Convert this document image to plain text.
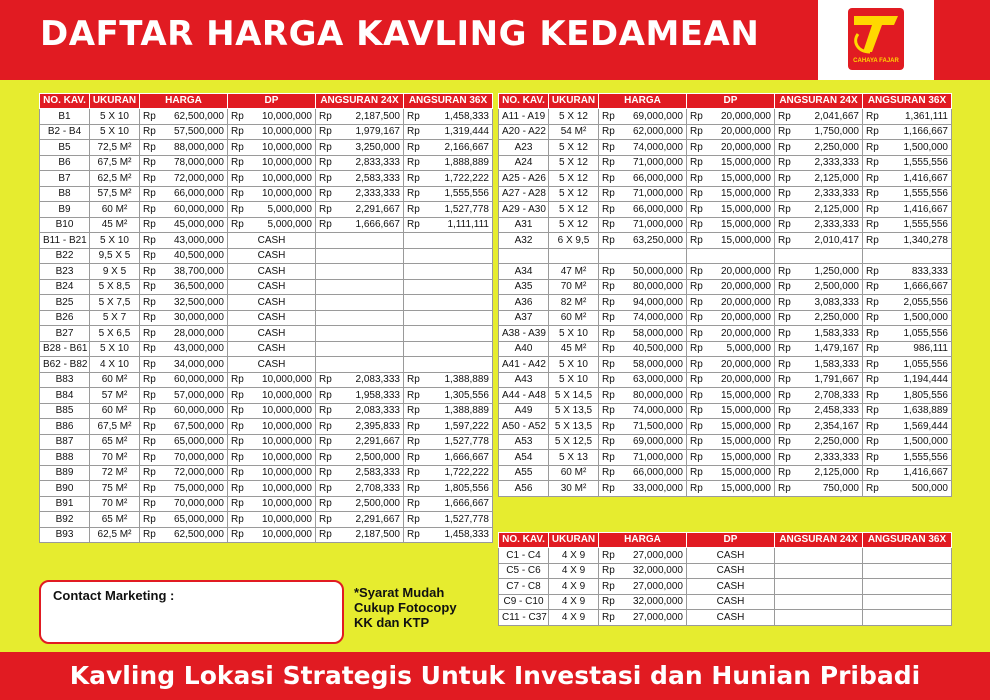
DAFTAR HARGA KAVLING KEDAMEAN
CAHAYA FAJAR
NO. KAV.	UKURAN	HARGA	DP	ANGSURAN 24X	ANGSURAN 36X
B1	5 X 10	Rp 62,500,000	Rp 10,000,000	Rp 2,187,500	Rp 1,458,333

B2 - B4	5 X 10	Rp 57,500,000	Rp 10,000,000	Rp 1,979,167	Rp 1,319,444

B5	72,5 M²	Rp 88,000,000	Rp 10,000,000	Rp 3,250,000	Rp 2,166,667

B6	67,5 M²	Rp 78,000,000	Rp 10,000,000	Rp 2,833,333	Rp 1,888,889

B7	62,5 M²	Rp 72,000,000	Rp 10,000,000	Rp 2,583,333	Rp 1,722,222

B8	57,5 M²	Rp 66,000,000	Rp 10,000,000	Rp 2,333,333	Rp 1,555,556

B9	60 M²	Rp 60,000,000	Rp 5,000,000	Rp 2,291,667	Rp 1,527,778

B10	45 M²	Rp 45,000,000	Rp 5,000,000	Rp 1,666,667	Rp 1,111,111

B11 - B21	5 X 10	Rp 43,000,000	CASH		
B22	9,5 X 5	Rp 40,500,000	CASH		
B23	9 X 5	Rp 38,700,000	CASH		
B24	5 X 8,5	Rp 36,500,000	CASH		
B25	5 X 7,5	Rp 32,500,000	CASH		
B26	5 X 7	Rp 30,000,000	CASH		
B27	5 X 6,5	Rp 28,000,000	CASH		
B28 - B61	5 X 10	Rp 43,000,000	CASH		
B62 - B82	4 X 10	Rp 34,000,000	CASH		
B83	60 M²	Rp 60,000,000	Rp 10,000,000	Rp 2,083,333	Rp 1,388,889

B84	57 M²	Rp 57,000,000	Rp 10,000,000	Rp 1,958,333	Rp 1,305,556

B85	60 M²	Rp 60,000,000	Rp 10,000,000	Rp 2,083,333	Rp 1,388,889

B86	67,5 M²	Rp 67,500,000	Rp 10,000,000	Rp 2,395,833	Rp 1,597,222

B87	65 M²	Rp 65,000,000	Rp 10,000,000	Rp 2,291,667	Rp 1,527,778

B88	70 M²	Rp 70,000,000	Rp 10,000,000	Rp 2,500,000	Rp 1,666,667

B89	72 M²	Rp 72,000,000	Rp 10,000,000	Rp 2,583,333	Rp 1,722,222

B90	75 M²	Rp 75,000,000	Rp 10,000,000	Rp 2,708,333	Rp 1,805,556

B91	70 M²	Rp 70,000,000	Rp 10,000,000	Rp 2,500,000	Rp 1,666,667

B92	65 M²	Rp 65,000,000	Rp 10,000,000	Rp 2,291,667	Rp 1,527,778

B93	62,5 M²	Rp 62,500,000	Rp 10,000,000	Rp 2,187,500	Rp 1,458,333
NO. KAV.	UKURAN	HARGA	DP	ANGSURAN 24X	ANGSURAN 36X
A11 - A19	5 X 12	Rp 69,000,000	Rp 20,000,000	Rp 2,041,667	Rp 1,361,111

A20 - A22	54 M²	Rp 62,000,000	Rp 20,000,000	Rp 1,750,000	Rp 1,166,667

A23	5 X 12	Rp 74,000,000	Rp 20,000,000	Rp 2,250,000	Rp 1,500,000

A24	5 X 12	Rp 71,000,000	Rp 15,000,000	Rp 2,333,333	Rp 1,555,556

A25 - A26	5 X 12	Rp 66,000,000	Rp 15,000,000	Rp 2,125,000	Rp 1,416,667

A27 - A28	5 X 12	Rp 71,000,000	Rp 15,000,000	Rp 2,333,333	Rp 1,555,556

A29 - A30	5 X 12	Rp 66,000,000	Rp 15,000,000	Rp 2,125,000	Rp 1,416,667

A31	5 X 12	Rp 71,000,000	Rp 15,000,000	Rp 2,333,333	Rp 1,555,556

A32	6 X 9,5	Rp 63,250,000	Rp 15,000,000	Rp 2,010,417	Rp 1,340,278

A34	47 M²	Rp 50,000,000	Rp 20,000,000	Rp 1,250,000	Rp 833,333

A35	70 M²	Rp 80,000,000	Rp 20,000,000	Rp 2,500,000	Rp 1,666,667

A36	82 M²	Rp 94,000,000	Rp 20,000,000	Rp 3,083,333	Rp 2,055,556

A37	60 M²	Rp 74,000,000	Rp 20,000,000	Rp 2,250,000	Rp 1,500,000

A38 - A39	5 X 10	Rp 58,000,000	Rp 20,000,000	Rp 1,583,333	Rp 1,055,556

A40	45 M²	Rp 40,500,000	Rp 5,000,000	Rp 1,479,167	Rp 986,111

A41 - A42	5 X 10	Rp 58,000,000	Rp 20,000,000	Rp 1,583,333	Rp 1,055,556

A43	5 X 10	Rp 63,000,000	Rp 20,000,000	Rp 1,791,667	Rp 1,194,444

A44 - A48	5 X 14,5	Rp 80,000,000	Rp 15,000,000	Rp 2,708,333	Rp 1,805,556

A49	5 X 13,5	Rp 74,000,000	Rp 15,000,000	Rp 2,458,333	Rp 1,638,889

A50 - A52	5 X 13,5	Rp 71,500,000	Rp 15,000,000	Rp 2,354,167	Rp 1,569,444

A53	5 X 12,5	Rp 69,000,000	Rp 15,000,000	Rp 2,250,000	Rp 1,500,000

A54	5 X 13	Rp 71,000,000	Rp 15,000,000	Rp 2,333,333	Rp 1,555,556

A55	60 M²	Rp 66,000,000	Rp 15,000,000	Rp 2,125,000	Rp 1,416,667

A56	30 M²	Rp 33,000,000	Rp 15,000,000	Rp 750,000	Rp 500,000
NO. KAV.	UKURAN	HARGA	DP	ANGSURAN 24X	ANGSURAN 36X
C1 - C4	4 X 9	Rp 27,000,000	CASH		
C5 - C6	4 X 9	Rp 32,000,000	CASH		
C7 - C8	4 X 9	Rp 27,000,000	CASH		
C9 - C10	4 X 9	Rp 32,000,000	CASH		
C11 - C37	4 X 9	Rp 27,000,000	CASH		
Contact Marketing :	*Syarat Mudah
Cukup Fotocopy
KK dan KTP
Kavling Lokasi Strategis Untuk Investasi dan Hunian Pribadi
